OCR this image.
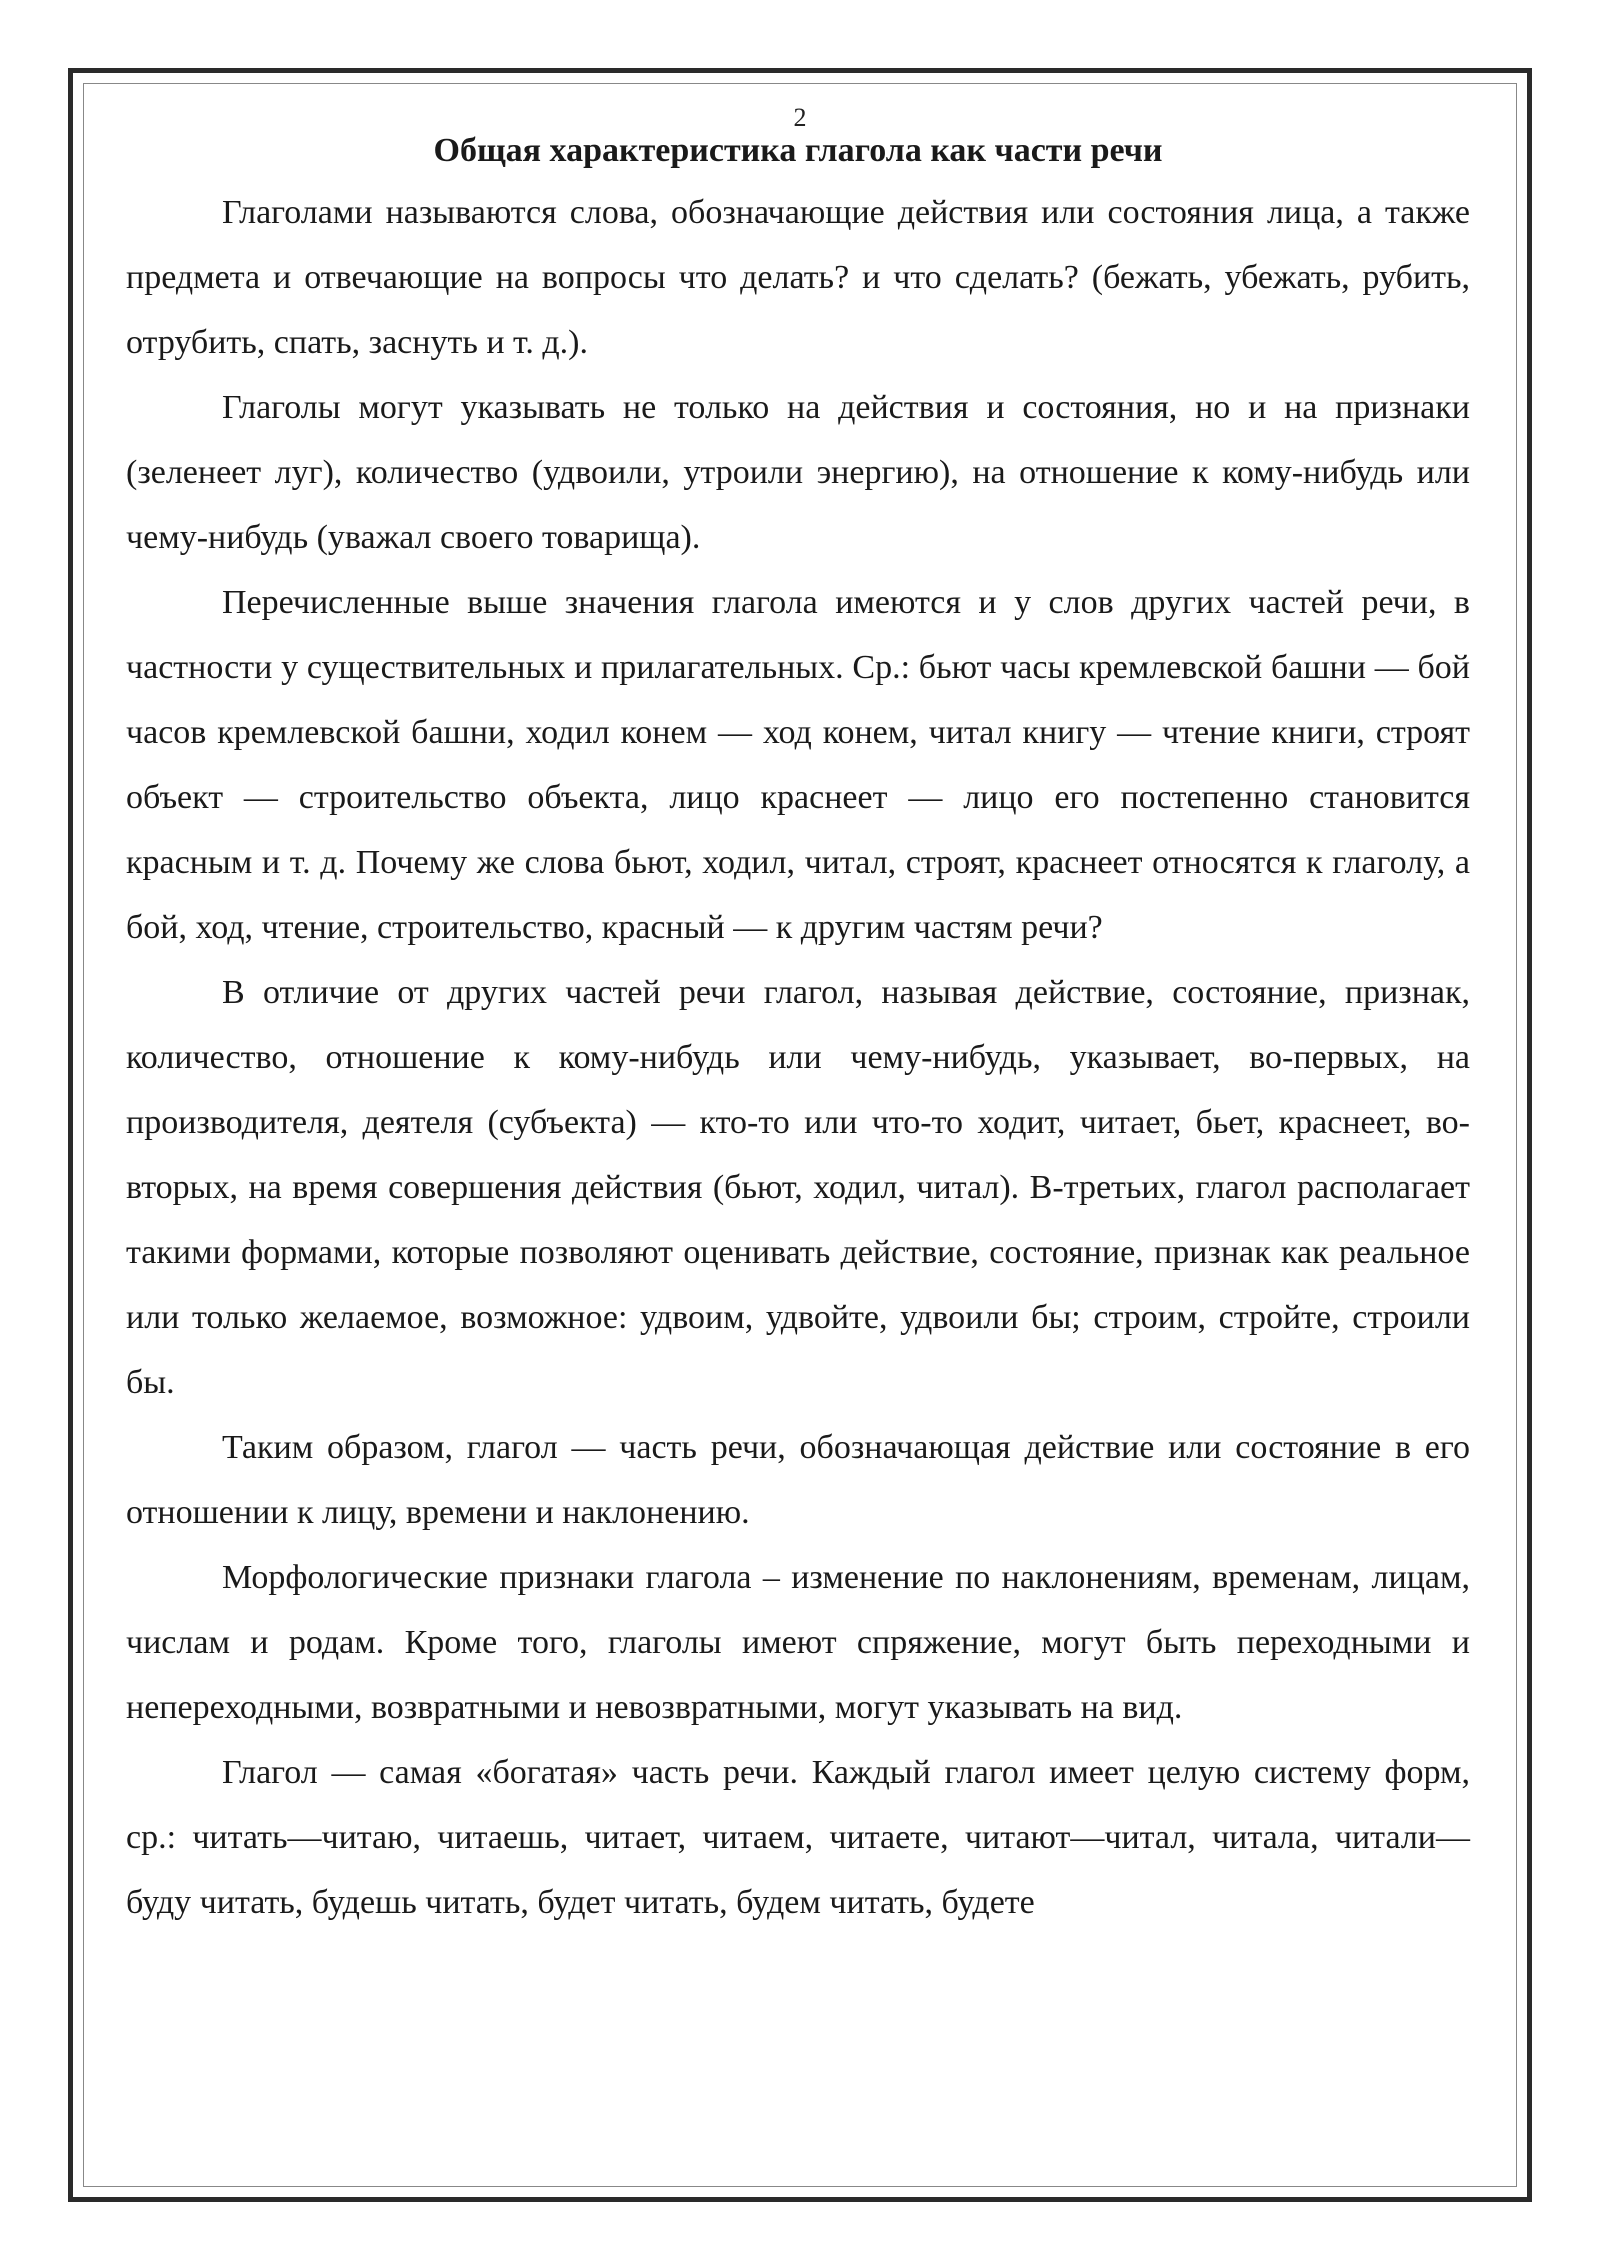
2
Общая характеристика глагола как части речи

Глаголами называются слова, обозначающие действия или состояния лица, а также предмета и отвечающие на вопросы что делать? и что сделать? (бежать, убежать, рубить, отрубить, спать, заснуть и т. д.).

Глаголы могут указывать не только на действия и состояния, но и на признаки (зеленеет луг), количество (удвоили, утроили энергию), на отношение к кому-нибудь или чему-нибудь (уважал своего товарища).

Перечисленные выше значения глагола имеются и у слов других частей речи, в частности у существительных и прилагательных. Ср.: бьют часы кремлевской башни — бой часов кремлевской башни, ходил конем — ход конем, читал книгу — чтение книги, строят объект — строительство объекта, лицо краснеет — лицо его постепенно становится красным и т. д. Почему же слова бьют, ходил, читал, строят, краснеет относятся к глаголу, а бой, ход, чтение, строительство, красный — к другим частям речи?

В отличие от других частей речи глагол, называя действие, состояние, признак, количество, отношение к кому-нибудь или чему-нибудь, указывает, во-первых, на производителя, деятеля (субъекта) — кто-то или что-то ходит, читает, бьет, краснеет, во-вторых, на время совершения действия (бьют, ходил, читал). В-третьих, глагол располагает такими формами, которые позволяют оценивать действие, состояние, признак как реальное или только желаемое, возможное: удвоим, удвойте, удвоили бы; строим, стройте, строили бы.

Таким образом, глагол — часть речи, обозначающая действие или состояние в его отношении к лицу, времени и наклонению.

Морфологические признаки глагола – изменение по наклонениям, временам, лицам, числам и родам. Кроме того, глаголы имеют спряжение, могут быть переходными и непереходными, возвратными и невозвратными, могут указывать на вид.

Глагол — самая «богатая» часть речи. Каждый глагол имеет целую систему форм, ср.: читать—читаю, читаешь, читает, читаем, читаете, читают—читал, читала, читали—буду читать, будешь читать, будет читать, будем читать, будете
